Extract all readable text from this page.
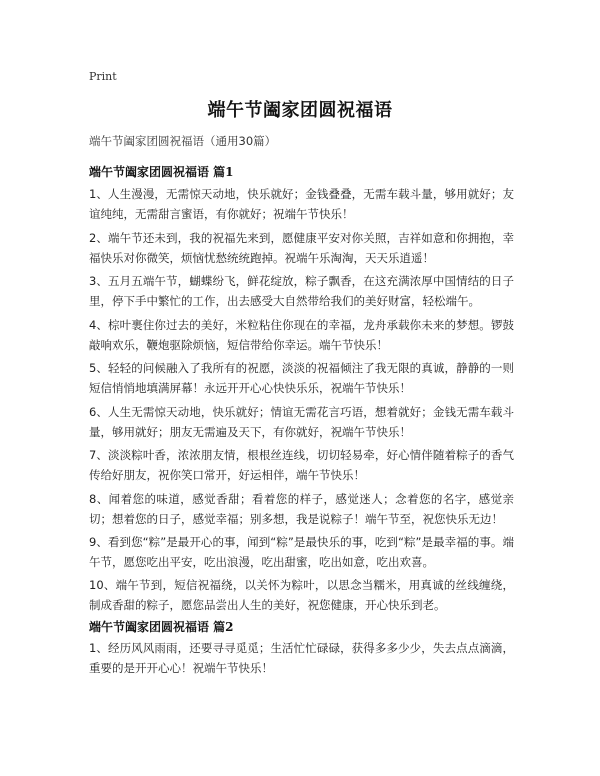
Print
端午节阖家团圆祝福语
端午节阖家团圆祝福语（通用30篇）
端午节阖家团圆祝福语 篇1
1、人生漫漫，无需惊天动地，快乐就好；金钱叠叠，无需车载斗量，够用就好；友谊纯纯，无需甜言蜜语，有你就好；祝端午节快乐！
2、端午节还未到，我的祝福先来到，愿健康平安对你关照，吉祥如意和你拥抱，幸福快乐对你微笑，烦恼忧愁统统跑掉。祝端午乐淘淘，天天乐逍遥！
3、五月五端午节，蝴蝶纷飞，鲜花绽放，粽子飘香，在这充满浓厚中国情结的日子里，停下手中繁忙的工作，出去感受大自然带给我们的美好财富，轻松端午。
4、棕叶裹住你过去的美好，米粒粘住你现在的幸福，龙舟承载你未来的梦想。锣鼓敲响欢乐，鞭炮驱除烦恼，短信带给你幸运。端午节快乐！
5、轻轻的问候融入了我所有的祝愿，淡淡的祝福倾注了我无限的真诚，静静的一则短信悄悄地填满屏幕！永远开开心心快快乐乐，祝端午节快乐！
6、人生无需惊天动地，快乐就好；情谊无需花言巧语，想着就好；金钱无需车载斗量，够用就好；朋友无需遍及天下，有你就好，祝端午节快乐！
7、淡淡粽叶香，浓浓朋友情，根根丝连线，切切轻易牵，好心情伴随着粽子的香气传给好朋友，祝你笑口常开，好运相伴，端午节快乐！
8、闻着您的味道，感觉香甜；看着您的样子，感觉迷人；念着您的名字，感觉亲切；想着您的日子，感觉幸福；别多想，我是说粽子！端午节至，祝您快乐无边！
9、看到您“粽”是最开心的事，闻到“粽”是最快乐的事，吃到“粽”是最幸福的事。端午节，愿您吃出平安，吃出浪漫，吃出甜蜜，吃出如意，吃出欢喜。
10、端午节到，短信祝福绕，以关怀为粽叶，以思念当糯米，用真诚的丝线缠绕，制成香甜的粽子，愿您品尝出人生的美好，祝您健康，开心快乐到老。
端午节阖家团圆祝福语 篇2
1、经历风风雨雨，还要寻寻觅觅；生活忙忙碌碌，获得多多少少，失去点点滴滴，重要的是开开心心！祝端午节快乐！
